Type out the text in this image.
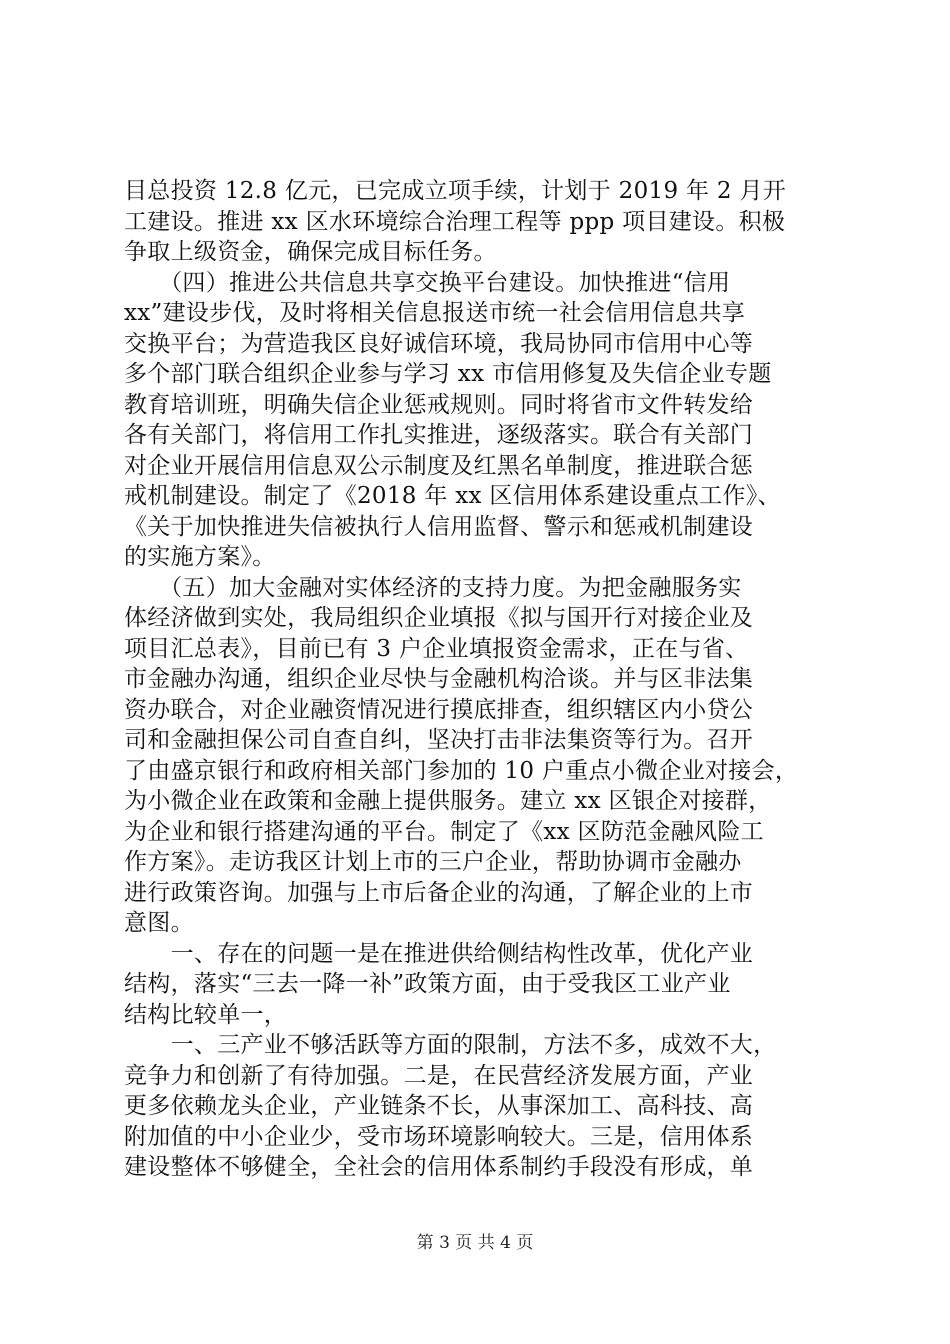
目总投资 12.8 亿元，已完成立项手续，计划于 2019 年 2 月开
工建设。推进 xx 区水环境综合治理工程等 ppp 项目建设。积极
争取上级资金，确保完成目标任务。
　　（四）推进公共信息共享交换平台建设。加快推进“信用
xx”建设步伐，及时将相关信息报送市统一社会信用信息共享
交换平台；为营造我区良好诚信环境，我局协同市信用中心等
多个部门联合组织企业参与学习 xx 市信用修复及失信企业专题
教育培训班，明确失信企业惩戒规则。同时将省市文件转发给
各有关部门，将信用工作扎实推进，逐级落实。联合有关部门
对企业开展信用信息双公示制度及红黑名单制度，推进联合惩
戒机制建设。制定了《2018 年 xx 区信用体系建设重点工作》、
《关于加快推进失信被执行人信用监督、警示和惩戒机制建设
的实施方案》。
　　（五）加大金融对实体经济的支持力度。为把金融服务实
体经济做到实处，我局组织企业填报《拟与国开行对接企业及
项目汇总表》，目前已有 3 户企业填报资金需求，正在与省、
市金融办沟通，组织企业尽快与金融机构洽谈。并与区非法集
资办联合，对企业融资情况进行摸底排查，组织辖区内小贷公
司和金融担保公司自查自纠，坚决打击非法集资等行为。召开
了由盛京银行和政府相关部门参加的 10 户重点小微企业对接会，
为小微企业在政策和金融上提供服务。建立 xx 区银企对接群，
为企业和银行搭建沟通的平台。制定了《xx 区防范金融风险工
作方案》。走访我区计划上市的三户企业，帮助协调市金融办
进行政策咨询。加强与上市后备企业的沟通，了解企业的上市
意图。
　　一、存在的问题一是在推进供给侧结构性改革，优化产业
结构，落实“三去一降一补”政策方面，由于受我区工业产业
结构比较单一，
　　一、三产业不够活跃等方面的限制，方法不多，成效不大，
竞争力和创新了有待加强。二是，在民营经济发展方面，产业
更多依赖龙头企业，产业链条不长，从事深加工、高科技、高
附加值的中小企业少，受市场环境影响较大。三是，信用体系
建设整体不够健全，全社会的信用体系制约手段没有形成，单
第 3 页 共 4 页
